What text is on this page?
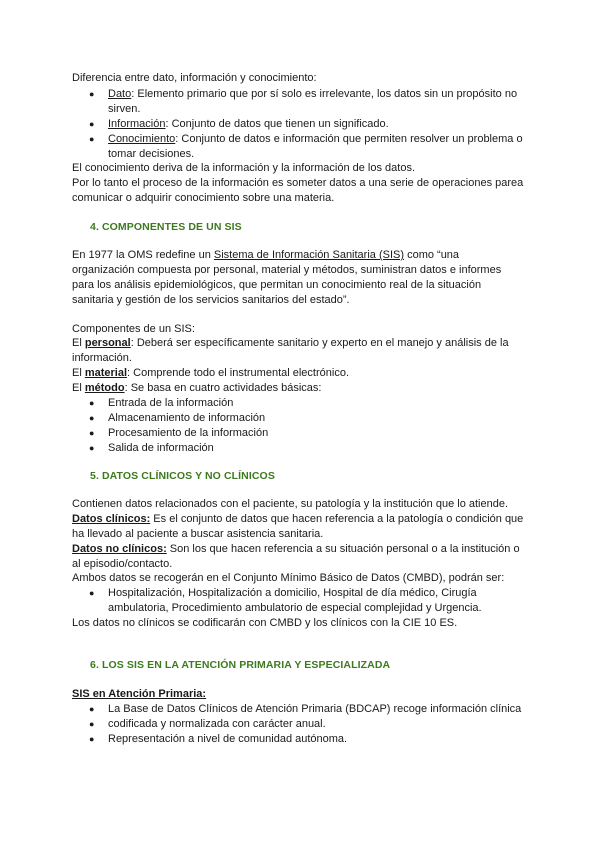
Diferencia entre dato, información y conocimiento:

● Dato: Elemento primario que por sí solo es irrelevante, los datos sin un propósito no

sirven.

● Información: Conjunto de datos que tienen un significado.

● Conocimiento: Conjunto de datos e información que permiten resolver un problema o

tomar decisiones.

El conocimiento deriva de la información y la información de los datos.

Por lo tanto el proceso de la información es someter datos a una serie de operaciones parea

comunicar o adquirir conocimiento sobre una materia.

4. COMPONENTES DE UN SIS

En 1977 la OMS redefine un Sistema de Información Sanitaria (SIS) como “una

organización compuesta por personal, material y métodos, suministran datos e informes

para los análisis epidemiológicos, que permitan un conocimiento real de la situación

sanitaria y gestión de los servicios sanitarios del estado”.

Componentes de un SIS:

El personal: Deberá ser específicamente sanitario y experto en el manejo y análisis de la

información.

El material: Comprende todo el instrumental electrónico.

El método: Se basa en cuatro actividades básicas:

● Entrada de la información

● Almacenamiento de información

● Procesamiento de la información

● Salida de información

5. DATOS CLÍNICOS Y NO CLÍNICOS

Contienen datos relacionados con el paciente, su patología y la institución que lo atiende.

Datos clínicos: Es el conjunto de datos que hacen referencia a la patología o condición que

ha llevado al paciente a buscar asistencia sanitaria.

Datos no clínicos: Son los que hacen referencia a su situación personal o a la institución o

al episodio/contacto.

Ambos datos se recogerán en el Conjunto Mínimo Básico de Datos (CMBD), podrán ser:

● Hospitalización, Hospitalización a domicilio, Hospital de día médico, Cirugía

ambulatoria, Procedimiento ambulatorio de especial complejidad y Urgencia.

Los datos no clínicos se codificarán con CMBD y los clínicos con la CIE 10 ES.

6. LOS SIS EN LA ATENCIÓN PRIMARIA Y ESPECIALIZADA

SIS en Atención Primaria:

● La Base de Datos Clínicos de Atención Primaria (BDCAP) recoge información clínica

● codificada y normalizada con carácter anual.

● Representación a nivel de comunidad autónoma.
